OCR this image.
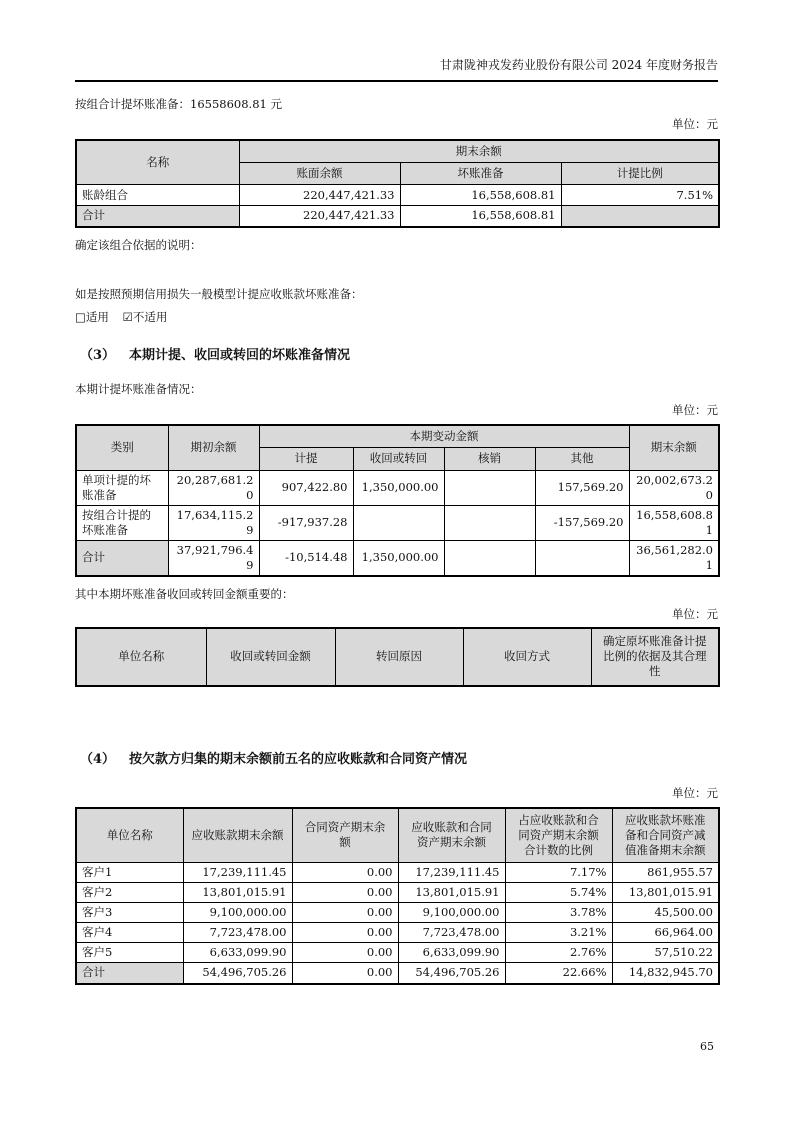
甘肃陇神戎发药业股份有限公司 2024 年度财务报告

按组合计提坏账准备：16558608.81 元

单位：元
名称	期末余额		
	账面余额	坏账准备	计提比例
账龄组合	220,447,421.33	16,558,608.81	7.51%
合计	220,447,421.33	16,558,608.81	

确定该组合依据的说明：

如是按照预期信用损失一般模型计提应收账款坏账准备：

□适用 ☑不适用

（3） 本期计提、收回或转回的坏账准备情况

本期计提坏账准备情况：

单位：元
类别	期初余额	本期变动金额				期末余额
		计提	收回或转回	核销	其他	
单项计提的坏账准备	20,287,681.20	907,422.80	1,350,000.00		157,569.20	20,002,673.20
按组合计提的坏账准备	17,634,115.29	-917,937.28			-157,569.20	16,558,608.81
合计	37,921,796.49	-10,514.48	1,350,000.00			36,561,282.01

其中本期坏账准备收回或转回金额重要的：

单位：元
单位名称	收回或转回金额	转回原因	收回方式	确定原坏账准备计提比例的依据及其合理性
（4） 按欠款方归集的期末余额前五名的应收账款和合同资产情况
单位：元
单位名称	应收账款期末余额	合同资产期末余额	应收账款和合同资产期末余额	占应收账款和合同资产期末余额合计数的比例	应收账款坏账准备和合同资产减值准备期末余额
客户1	17,239,111.45	0.00	17,239,111.45	7.17%	861,955.57
客户2	13,801,015.91	0.00	13,801,015.91	5.74%	13,801,015.91
客户3	9,100,000.00	0.00	9,100,000.00	3.78%	45,500.00
客户4	7,723,478.00	0.00	7,723,478.00	3.21%	66,964.00
客户5	6,633,099.90	0.00	6,633,099.90	2.76%	57,510.22
合计	54,496,705.26	0.00	54,496,705.26	22.66%	14,832,945.70
65
